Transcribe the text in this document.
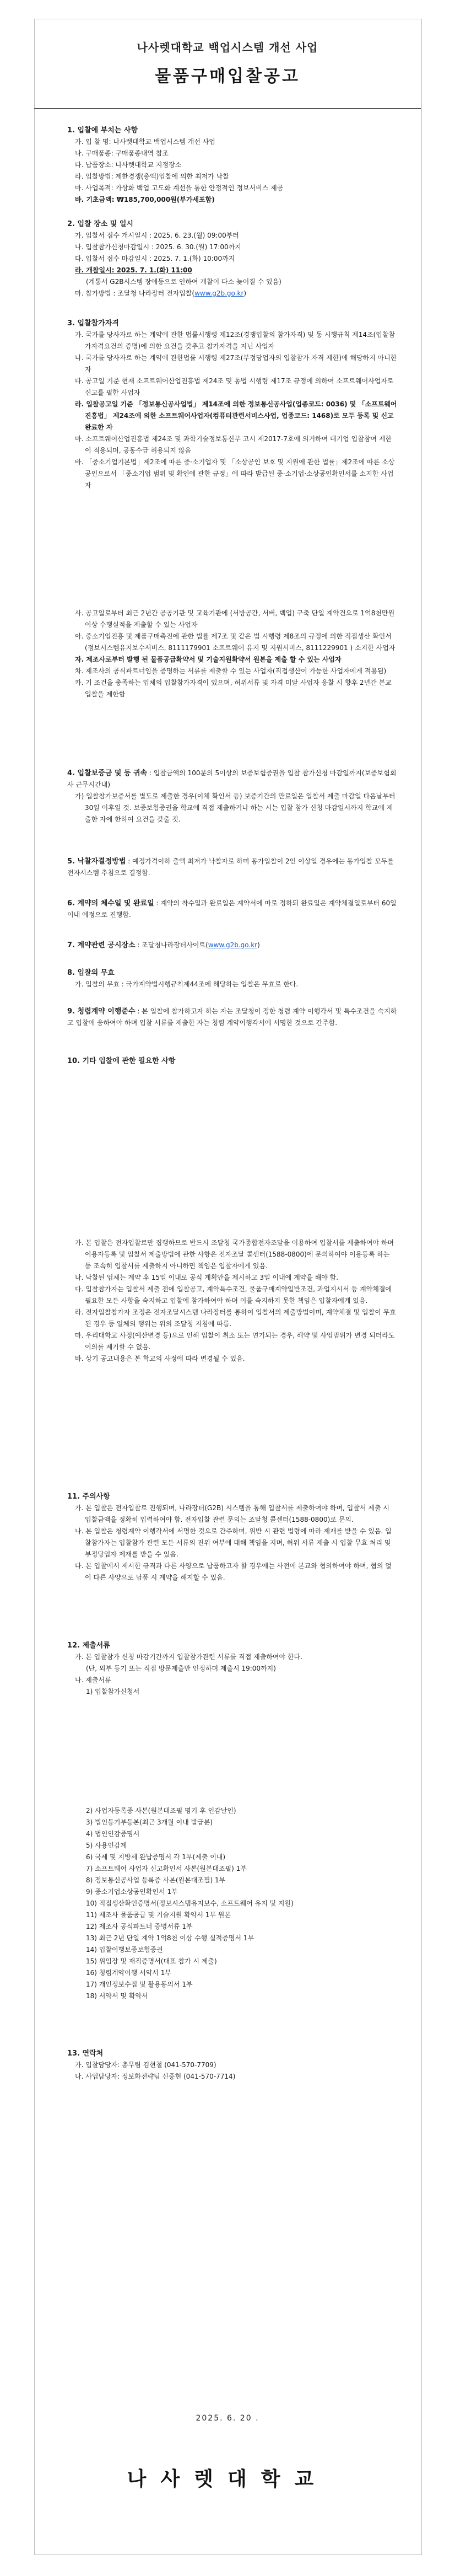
나사렛대학교 백업시스템 개선 사업
물품구매입찰공고
1. 입찰에 부치는 사항
가. 입 찰 명: 나사렛대학교 백업시스템 개선 사업
나. 구매품종: 구매품종내역 참조
다. 납품장소: 나사렛대학교 지정장소
라. 입찰방법: 제한경쟁(총액)입찰에 의한 최저가 낙찰
마. 사업목적: 가상화 백업 고도화 계선을 통한 안정적인 정보서비스 제공
바. 기초금액: ₩185,700,000원(부가세포함)
2. 입찰 장소 및 일시
가. 입찰서 접수 개시일시 : 2025. 6. 23.(월) 09:00부터
나. 입찰참가신청마감일시 : 2025. 6. 30.(월) 17:00까지
다. 입찰서 접수 마감일시 : 2025. 7. 1.(화) 10:00까지
라. 개찰일시: 2025. 7. 1.(화) 11:00
(계통서 G2B시스템 장애등으로 인하여 개찰이 다소 늦어질 수 있음)
마. 참가방법 : 조달청 나라장터 전자입찰(www.g2b.go.kr)
3. 입찰참가자격
가. 국가를 당사자로 하는 계약에 관한 법률시행령 제12조(경쟁입찰의 참가자격) 및 동 시행규칙 제14조(입찰참가자격요건의 증명)에 의한 요건을 갖추고 참가자격을 지닌 사업자
나. 국가를 당사자로 하는 계약에 관한법률 시행령 제27조(부정당업자의 입찰참가 자격 제한)에 해당하지 아니한 자
다. 공고일 기준 현재 소프트웨어산업진흥법 제24조 및 동법 시행령 제17조 규정에 의하여 소프트웨어사업자로 신고를 필한 사업자
라. 입찰공고일 기준 「정보통신공사업법」 제14조에 의한 정보통신공사업(업종코드: 0036) 및 「소프트웨어진흥법」 제24조에 의한 소프트웨어사업자(컴퓨터관련서비스사업, 업종코드: 1468)로 모두 등록 및 신고 완료한 자
마. 소프트웨어산업진흥법 제24조 및 과학기술정보통신부 고시 제2017-7호에 의거하여 대기업 입찰참여 제한이 적용되며, 공동수급 허용되지 않음
바. 「중소기업기본법」제2조에 따른 중·소기업자 및 「소상공인 보호 및 지원에 관한 법률」제2조에 따른 소상공인으로서 「중소기업 범위 및 확인에 관한 규정」에 따라 발급된 중·소기업·소상공인확인서를 소지한 사업자
사. 공고일로부터 최근 2년간 공공기관 및 교육기관에 (서방공간, 서버, 백업) 구축 단일 계약건으로 1억8천만원 이상 수행실적을 제출할 수 있는 사업자
아. 중소기업진흥 및 제품구매촉진에 관한 법률 제7조 및 같은 법 시행령 제8조의 규정에 의한 직접생산 확인서 (정보시스템유지보수서비스, 8111179901 소프트웨어 유지 및 지원서비스, 8111229901 ) 소지한 사업자
자. 제조사로부터 발행 된 물품공급확약서 및 기술지원확약서 원본을 제출 할 수 있는 사업자
차. 제조사의 공식파트너임을 증명하는 서류를 제출할 수 있는 사업자(직접생산이 가능한 사업자에게 적용됨)
카. 기 조건을 충족하는 입체의 입찰참가자격이 있으며, 허위서류 및 자격 미달 사업자 응찰 시 향후 2년간 본교 입찰을 제한함
4. 입찰보증금 및 등 귀속 : 입찰금액의 100분의 5이상의 보증보험증권을 입찰 참가신청 마감일까지(보증보험회사 근무시간내)
가) 입찰참가보증서를 별도로 제출한 경우(이체 확인서 등) 보증기간의 만료일은 입찰서 제출 마감일 다음날부터 30일 이후일 것. 보증보험증권을 학교에 직접 제출하거나 하는 시는 입찰 참가 신청 마감일시까지 학교에 제출한 자에 한하여 요건을 갖출 것.
5. 낙찰자결정방법 : 예정가격이하 출액 최저가 낙찰자로 하며 동가입찰이 2인 이상일 경우에는 동가입찰 모두를 전자시스템 추첨으로 결정함.
6. 계약의 체수일 및 완료일 : 계약의 착수일과 완료일은 계약서에 따로 정하되 완료일은 계약체결일로부터 60일 이내 에정으로 진행함.
7. 계약관련 공시장소 : 조달청나라장터사이트(www.g2b.go.kr)
8. 입찰의 무효
가. 입찰의 무효 : 국가계약법시행규칙제44조에 해당하는 입찰은 무효로 한다.
9. 청렴계약 이행준수 : 본 입찰에 참가하고자 하는 자는 조달청이 정한 청렴 계약 이행각서 및 특수조건을 숙지하고 입찰에 응하여야 하며 입찰 서류를 제출한 자는 청렴 계약이행각서에 서명한 것으로 간주함.
10. 기타 입찰에 관한 필요한 사항
가. 본 입찰은 전자입찰로만 집행하므로 반드시 조달청 국가종합전자조달을 이용하여 입찰서를 제출하여야 하며 이용자등록 및 입찰서 제출방법에 관한 사항은 전자조달 콜센터(1588-0800)에 문의하여야 이용등록 하는 등 조속히 입찰서를 제출하지 아니하면 책임은 입찰자에게 있음.
나. 낙찰된 업체는 계약 후 15일 이내로 공식 계획안을 제시하고 3일 이내에 계약을 해야 함.
다. 입찰참가자는 입찰서 제출 전에 입찰공고, 계약특수조건, 물품구매계약일반조건, 과업지시서 등 계약체결에 필요한 모든 사항을 숙지하고 입찰에 참가하여야 하며 이를 숙지하지 못한 책임은 입찰자에게 있음.
라. 전자입찰참가자 조정은 전자조달시스템 나라장터를 통하여 입찰서의 제출방법이며, 계약체결 및 입찰이 무효된 경우 등 일체의 행위는 위의 조달청 지침에 따름.
마. 우리대학교 사정(예산변경 등)으로 인해 입찰이 취소 또는 연기되는 경우, 해약 및 사업범위가 변경 되더라도 이의를 제기할 수 없음.
바. 상기 공고내용은 본 학교의 사정에 따라 변경될 수 있음.
11. 주의사항
가. 본 입찰은 전자입찰로 진행되며, 나라장터(G2B) 시스템을 통해 입찰서를 제출하여야 하며, 입찰서 제출 시 입찰금액을 정확히 입력하여야 함. 전자입찰 관련 문의는 조달청 콜센터(1588-0800)로 문의.
나. 본 입찰은 청렴계약 이행각서에 서명한 것으로 간주하며, 위반 시 관련 법령에 따라 제재를 받을 수 있음. 입찰참가자는 입찰참가 관련 모든 서류의 진위 여부에 대해 책임을 지며, 허위 서류 제출 시 입찰 무효 처리 및 부정당업자 제재를 받을 수 있음.
다. 본 입찰에서 제시한 규격과 다른 사양으로 납품하고자 할 경우에는 사전에 본교와 협의하여야 하며, 협의 없이 다른 사양으로 납품 시 계약을 해지할 수 있음.
12. 제출서류
가. 본 입찰참가 신청 마감기간까지 입찰참가관련 서류를 직접 제출하여야 한다.
(단, 외부 등기 또는 직접 방문제출만 인정하며 제출시 19:00까지)
나. 제출서류
1) 입찰참가신청서
2) 사업자등록증 사본(원본대조필 명기 후 인감날인)
3) 법인등기부등본(최근 3개월 이내 발급분)
4) 법인인감증명서
5) 사용인감계
6) 국세 및 지방세 완납증명서 각 1부(제출 이내)
7) 소프트웨어 사업자 신고확인서 사본(원본대조필) 1부
8) 정보통신공사업 등록증 사본(원본대조필) 1부
9) 중소기업소상공인확인서 1부
10) 직접생산확인증명서(정보시스템유지보수, 소프트웨어 유지 및 지원)
11) 제조사 물품공급 및 기술지원 확약서 1부 원본
12) 제조사 공식파트너 증명서류 1부
13) 최근 2년 단일 계약 1억8천 이상 수행 실적증명서 1부
14) 입찰이행보증보험증권
15) 위임장 및 재직증명서(대표 참가 시 제출)
16) 청렴계약이행 서약서 1부
17) 개인정보수집 및 활용동의서 1부
18) 서약서 및 확약서
13. 연락처
가. 입찰담당자: 총무팀 김현철 (041-570-7709)
나. 사업담당자: 정보화전략팀 신중현 (041-570-7714)
2025. 6. 20 .
나사렛대학교
